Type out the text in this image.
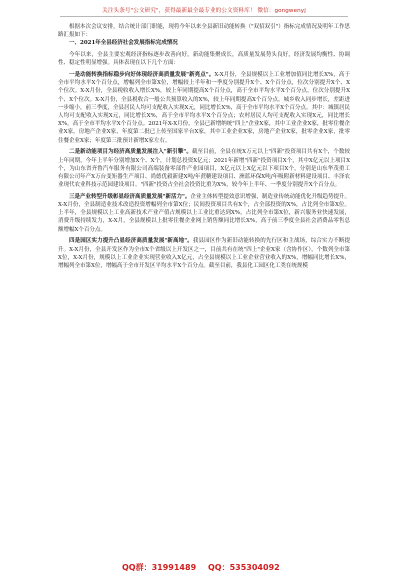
关注头条号"公文研究"，获得最新最全最专业的公文资料库！ 微信：gongwenyj

根据本次会议安排，结合统计部门职能，现将今年以来全县新旧动能转换（"双招双引"）指标完成情况及明年工作思路汇报如下：

一、2021年全县经济社会发展指标完成情况

今年以来，全县主要宏观经济指标逐步改善向好，新动能集聚成长，高质量发展势头良好，经济发展均衡性、协调性、稳定性明显增强。具体表现在以下几个方面：

一是动能转换指标稳步向好体现经济高质量发展"新亮点"。X-X月份，全县规模以上工业增加值同比增长X%，高于全市平均水平X个百分点，增幅列全市第X位，增幅较上半年和一季度分别提升X个、X个百分点，位次分别提升X个、X个位次。X-X月份，全县税收收入增长X%，较上年同期提高X个百分点，高于全市平均水平X个百分点，位次分别提升X个、X个位次。X-X月份，全县税收合一般公共预算收入的X%，较上年同期提高X个百分点。城乡收入同步增长，差距进一步缩小，前三季度，全县居民人均可支配收入实现X元，同比增长X%，高于全市平均水平X个百分点。其中：城镇居民人均可支配收入实现X元，同比增长X%，高于全市平均水平X个百分点；农村居民人均可支配收入实现X元，同比增长X%，高于全市平均水平X个百分点。2021年X-X月份，全县已新增纳统"四上"企业X家，其中工业企业X家，批零住餐企业X家，房地产企业X家，年度第二批已上传至国家平台X家，其中工业企业X家，房地产企业X家，批零企业X家，批零住餐企业X家；年度第三批预计新增X家左右。

二是新动能项目为经济高质量发展注入"新引擎"。截至目前，全县在统X万元以上"四新"投资项目共有X个，个数较上年同期，今年上半年分别增加X个、X个，计划总投资X亿元；2021年新增"四新"投资项目X个，其中X亿元以上项目X个，为山东省齐鲁汽车服务有限公司高端装备零部件产业园项目，X亿元以上X亿元以下项目X个，分别是山东华茂重工有限公司年产X万台变矩器生产项目、尚德优毅新建X吨/年蔗糖建设项目、洲蓝环保X吨/年吸附新材料建设项目、丰泽农业现代农业科技示范园建设项目。"四新"投资占全社会投资比重为X%，较今年上半年、一季度分别提升X个百分点。

三是产业转型升级彰显经济高质量发展"新活力"。企业主体转型提效意识增强，制造业传统动能优化升级趋势提升。X-X月份，全县制造业技术改造投资增幅列全市第X位；民间投资项目共有X个，占全部投资的X%，占比列全市第X位。上半年，全县规模以上工业高新技术产业产值占规模以上工业比重达到X%，占比列全市第X位，新兴服务业快速发展，消费升级持续发力，X-X月，全县规模以上批零住餐企业网上销售额同比增长X%，高于前三季度全县社会消费品零售总额增幅X个百分点。

四是园区实力提升凸显经济高质量发展"新高地"。我县园区作为新旧动能转换的先行区和主战场，综合实力不断提升。X-X月份，全县开发区作为全市X个省级以上开发区之一，目前共有在统"四上"企业X家（含协作区），个数列全市第X位，X-X月份，规模以上工业企业实现营业收入X亿元，占全县规模以上工业企业营业收入的X%，增幅同比增长X%，增幅列全市第X位，增幅高于全市开发区平均水平X个百分点。截至目前，我县化工园区化工类在统规模

QQ群：31991489 QQ：535304092
